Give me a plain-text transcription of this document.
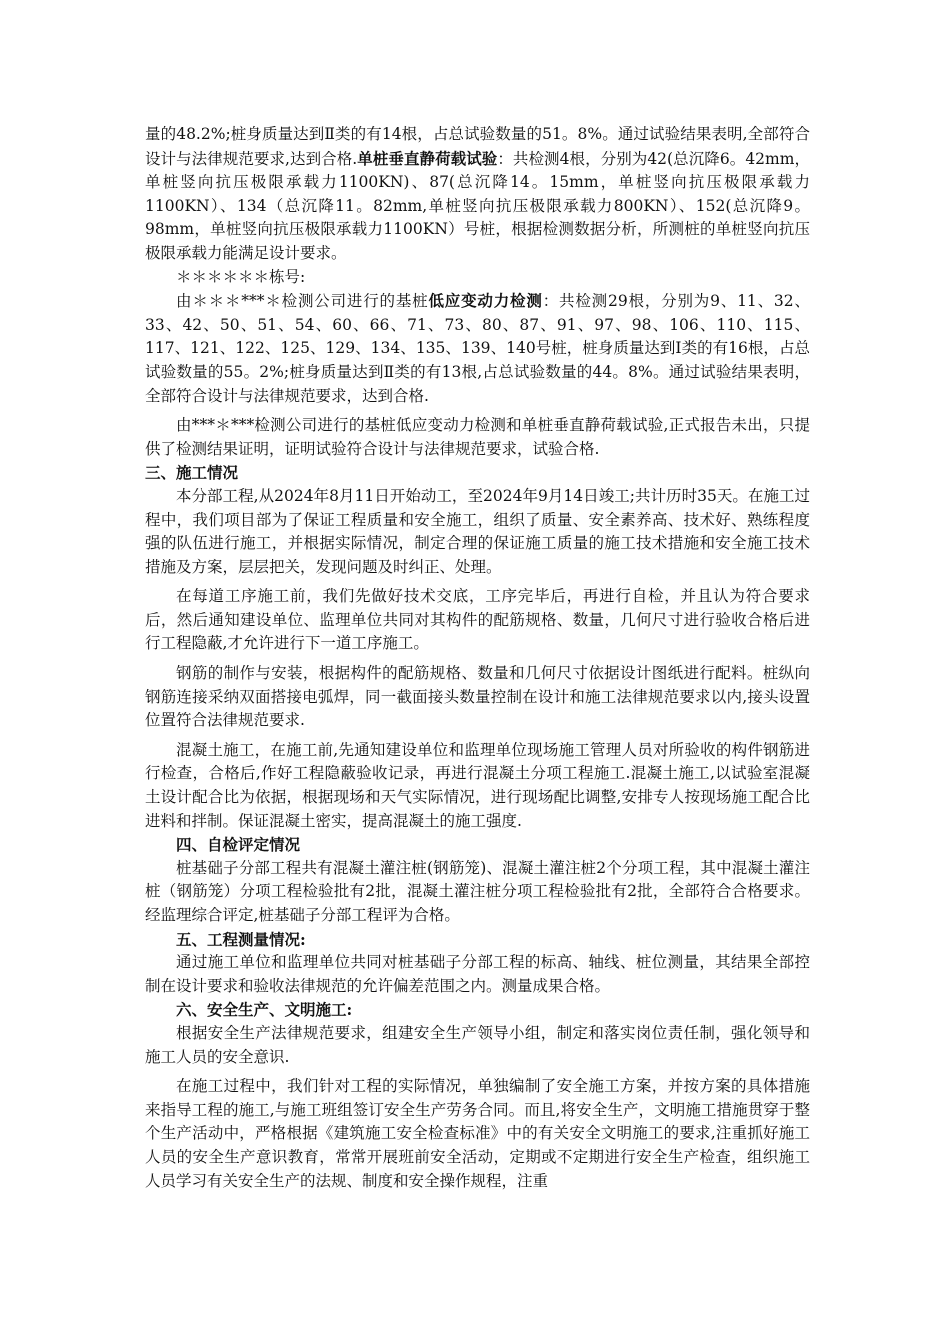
量的48.2%;桩身质量达到Ⅱ类的有14根，占总试验数量的51。8%。通过试验结果表明,全部符合设计与法律规范要求,达到合格.单桩垂直静荷载试验：共检测4根，分别为42(总沉降6。42mm，单桩竖向抗压极限承载力1100KN)、87(总沉降14。15mm，单桩竖向抗压极限承载力1100KN）、134（总沉降11。82mm,单桩竖向抗压极限承载力800KN）、152(总沉降9。98mm，单桩竖向抗压极限承载力1100KN）号桩，根据检测数据分析，所测桩的单桩竖向抗压极限承载力能满足设计要求。
＊＊＊＊＊＊栋号:
由＊＊＊***＊检测公司进行的基桩低应变动力检测：共检测29根，分别为9、11、32、33、42、50、51、54、60、66、71、73、80、87、91、97、98、106、110、115、117、121、122、125、129、134、135、139、140号桩，桩身质量达到Ⅰ类的有16根，占总试验数量的55。2%;桩身质量达到Ⅱ类的有13根,占总试验数量的44。8%。通过试验结果表明，全部符合设计与法律规范要求，达到合格.
由***＊***检测公司进行的基桩低应变动力检测和单桩垂直静荷载试验,正式报告未出，只提供了检测结果证明，证明试验符合设计与法律规范要求，试验合格.
三、施工情况
本分部工程,从2024年8月11日开始动工，至2024年9月14日竣工;共计历时35天。在施工过程中，我们项目部为了保证工程质量和安全施工，组织了质量、安全素养高、技术好、熟练程度强的队伍进行施工，并根据实际情况，制定合理的保证施工质量的施工技术措施和安全施工技术措施及方案，层层把关，发现问题及时纠正、处理。
在每道工序施工前，我们先做好技术交底，工序完毕后，再进行自检，并且认为符合要求后，然后通知建设单位、监理单位共同对其构件的配筋规格、数量，几何尺寸进行验收合格后进行工程隐蔽,才允许进行下一道工序施工。
钢筋的制作与安装，根据构件的配筋规格、数量和几何尺寸依据设计图纸进行配料。桩纵向钢筋连接采纳双面搭接电弧焊，同一截面接头数量控制在设计和施工法律规范要求以内,接头设置位置符合法律规范要求.
混凝土施工，在施工前,先通知建设单位和监理单位现场施工管理人员对所验收的构件钢筋进行检查，合格后,作好工程隐蔽验收记录，再进行混凝土分项工程施工.混凝土施工,以试验室混凝土设计配合比为依据，根据现场和天气实际情况，进行现场配比调整,安排专人按现场施工配合比进料和拌制。保证混凝土密实，提高混凝土的施工强度.
四、自检评定情况
桩基础子分部工程共有混凝土灌注桩(钢筋笼)、混凝土灌注桩2个分项工程，其中混凝土灌注桩（钢筋笼）分项工程检验批有2批，混凝土灌注桩分项工程检验批有2批，全部符合合格要求。经监理综合评定,桩基础子分部工程评为合格。
五、工程测量情况:
通过施工单位和监理单位共同对桩基础子分部工程的标高、轴线、桩位测量，其结果全部控制在设计要求和验收法律规范的允许偏差范围之内。测量成果合格。
六、安全生产、文明施工:
根据安全生产法律规范要求，组建安全生产领导小组，制定和落实岗位责任制，强化领导和施工人员的安全意识.
在施工过程中，我们针对工程的实际情况，单独编制了安全施工方案，并按方案的具体措施来指导工程的施工,与施工班组签订安全生产劳务合同。而且,将安全生产，文明施工措施贯穿于整个生产活动中，严格根据《建筑施工安全检查标准》中的有关安全文明施工的要求,注重抓好施工人员的安全生产意识教育，常常开展班前安全活动，定期或不定期进行安全生产检查，组织施工人员学习有关安全生产的法规、制度和安全操作规程，注重
